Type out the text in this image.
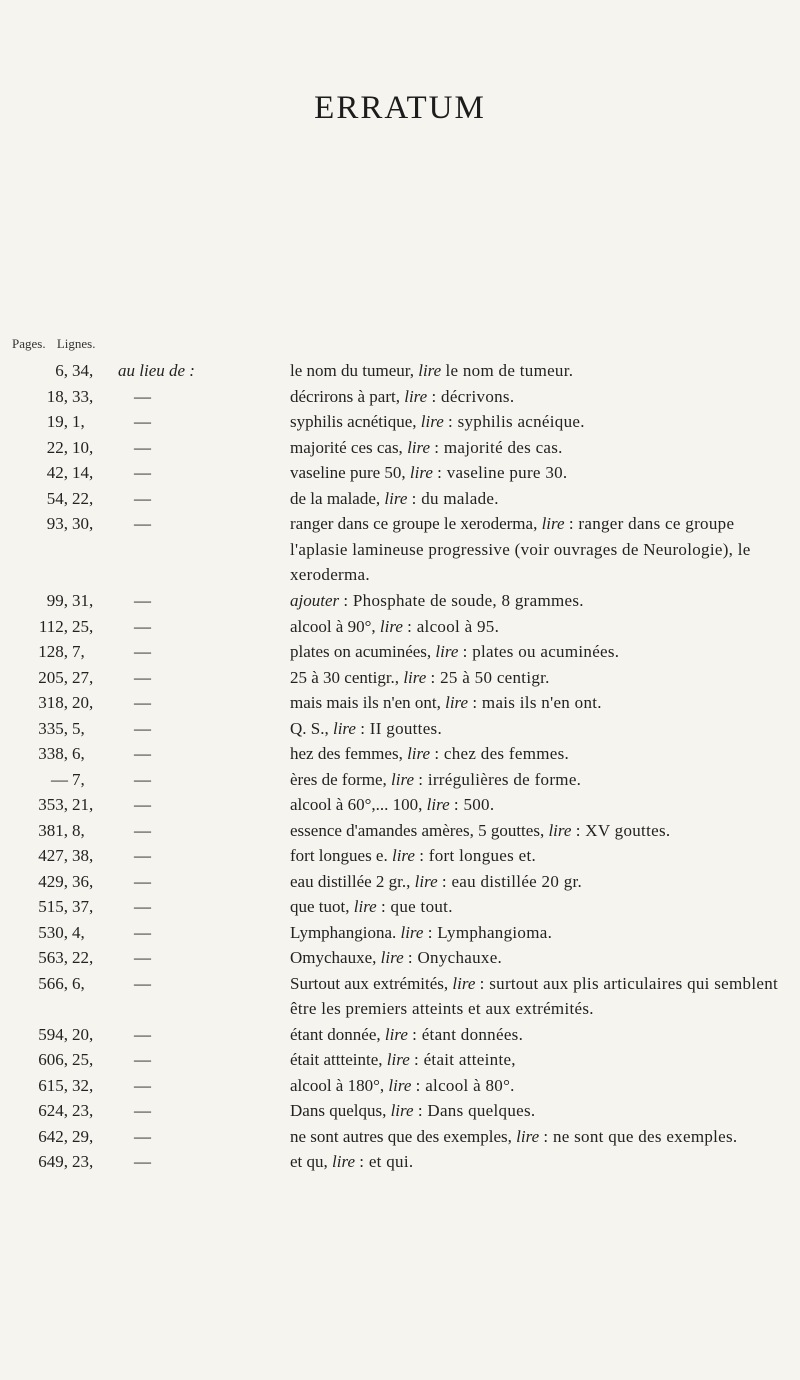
ERRATUM
Pages. Lignes.
6, 34,	au lieu de :	le nom du tumeur, lire le nom de tumeur.
18, 33,	—	décrirons à part, lire : décrivons.
19, 1,	—	syphilis acnétique, lire : syphilis acnéique.
22, 10,	—	majorité ces cas, lire : majorité des cas.
42, 14,	—	vaseline pure 50, lire : vaseline pure 30.
54, 22,	—	de la malade, lire : du malade.
93, 30,	—	ranger dans ce groupe le xeroderma, lire : ranger dans ce groupe l'aplasie lamineuse progressive (voir ouvrages de Neurologie), le xeroderma.
99, 31,	—	ajouter : Phosphate de soude, 8 grammes.
112, 25,	—	alcool à 90°, lire : alcool à 95.
128, 7,	—	plates on acuminées, lire : plates ou acuminées.
205, 27,	—	25 à 30 centigr., lire : 25 à 50 centigr.
318, 20,	—	mais mais ils n'en ont, lire : mais ils n'en ont.
335, 5,	—	Q. S., lire : II gouttes.
338, 6,	—	hez des femmes, lire : chez des femmes.
— 7,	—	ères de forme, lire : irrégulières de forme.
353, 21,	—	alcool à 60°,... 100, lire : 500.
381, 8,	—	essence d'amandes amères, 5 gouttes, lire : XV gouttes.
427, 38,	—	fort longues e. lire : fort longues et.
429, 36,	—	eau distillée 2 gr., lire : eau distillée 20 gr.
515, 37,	—	que tuot, lire : que tout.
530, 4,	—	Lymphangiona. lire : Lymphangioma.
563, 22,	—	Omychauxe, lire : Onychauxe.
566, 6,	—	Surtout aux extrémités, lire : surtout aux plis articulaires qui semblent être les premiers atteints et aux extrémités.
594, 20,	—	étant donnée, lire : étant données.
606, 25,	—	était attteinte, lire : était atteinte,
615, 32,	—	alcool à 180°, lire : alcool à 80°.
624, 23,	—	Dans quelqus, lire : Dans quelques.
642, 29,	—	ne sont autres que des exemples, lire : ne sont que des exemples.
649, 23,	—	et qu, lire : et qui.
